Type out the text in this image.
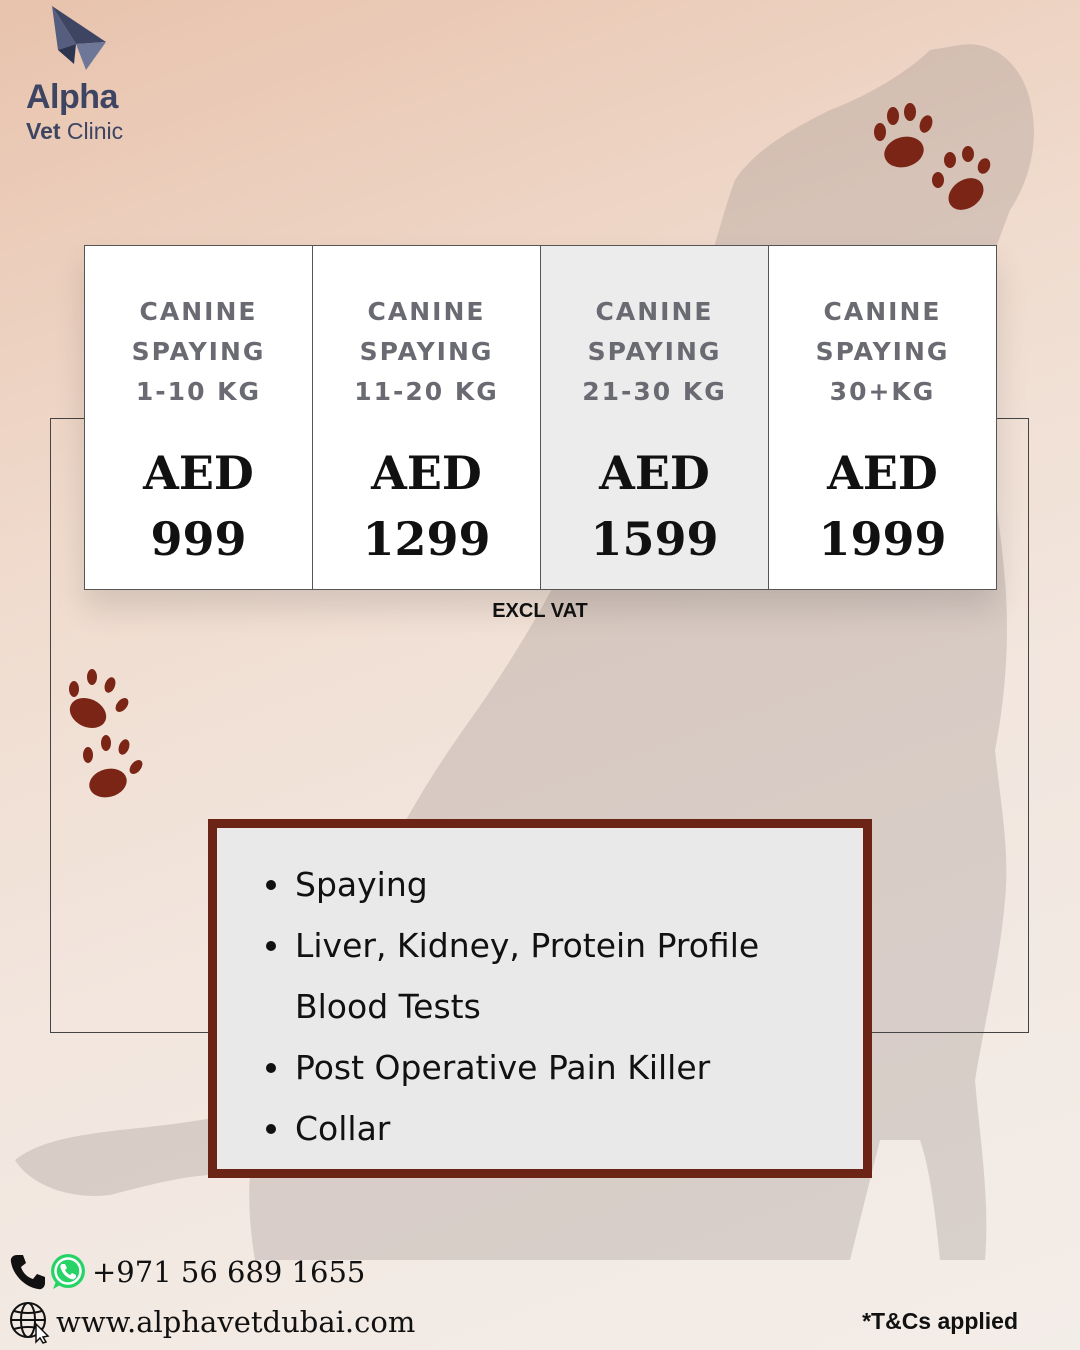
Alpha
Vet Clinic
CANINE
SPAYING
1-10 KG
AED
999
CANINE
SPAYING
11-20 KG
AED
1299
CANINE
SPAYING
21-30 KG
AED
1599
CANINE
SPAYING
30+KG
AED
1999
EXCL VAT
Spaying
Liver, Kidney, Protein Profile Blood Tests
Post Operative Pain Killer
Collar
+971 56 689 1655
www.alphavetdubai.com	*T&Cs applied
